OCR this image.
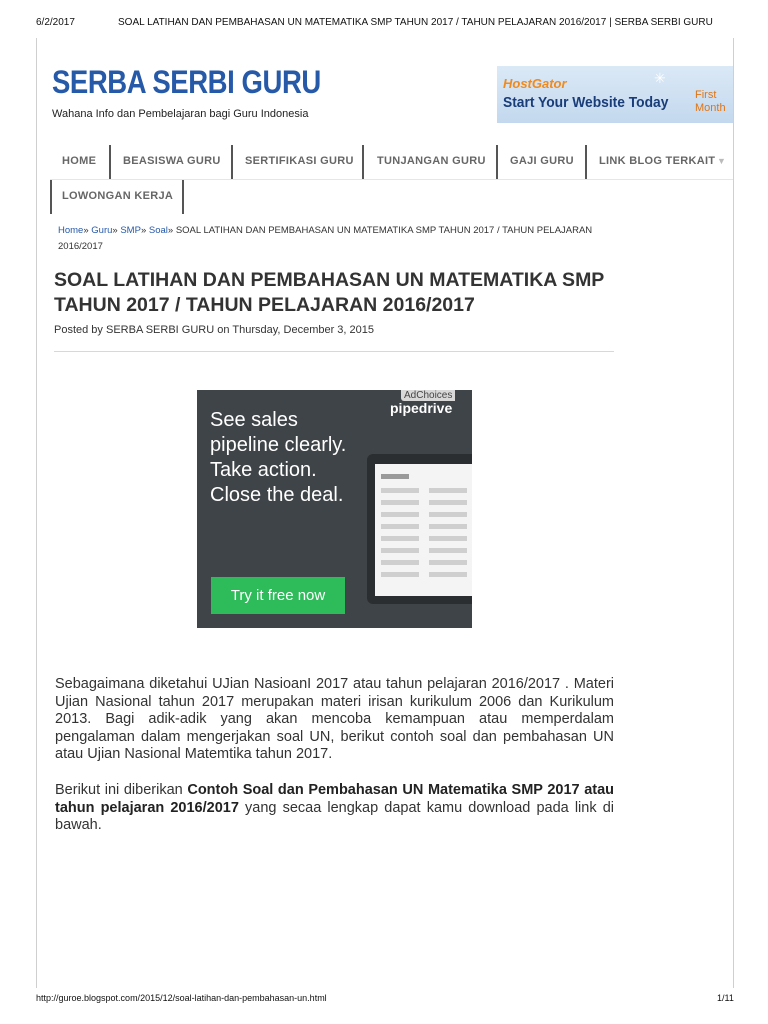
6/2/2017	SOAL LATIHAN DAN PEMBAHASAN UN MATEMATIKA SMP TAHUN 2017 / TAHUN PELAJARAN 2016/2017 | SERBA SERBI GURU
SERBA SERBI GURU
Wahana Info dan Pembelajaran bagi Guru Indonesia
✳
HostGator
Start Your Website Today First
Month
HOME BEASISWA GURU SERTIFIKASI GURU TUNJANGAN GURU GAJI GURU LINK BLOG TERKAIT ▼
LOWONGAN KERJA
Home» Guru» SMP» Soal» SOAL LATIHAN DAN PEMBAHASAN UN MATEMATIKA SMP TAHUN 2017 / TAHUN PELAJARAN 2016/2017
SOAL LATIHAN DAN PEMBAHASAN UN MATEMATIKA SMP TAHUN 2017 / TAHUN PELAJARAN 2016/2017
Posted by SERBA SERBI GURU on Thursday, December 3, 2015
AdChoices
pipedrive
See sales
pipeline clearly.
Take action.
Close the deal.
Try it free now
Sebagaimana diketahui UJian NasioanI 2017 atau tahun pelajaran 2016/2017 . Materi Ujian Nasional tahun 2017 merupakan materi irisan kurikulum 2006 dan Kurikulum 2013. Bagi adik-adik yang akan mencoba kemampuan atau memperdalam pengalaman dalam mengerjakan soal UN, berikut contoh soal dan pembahasan UN atau Ujian Nasional Matemtika tahun 2017.
Berikut ini diberikan Contoh Soal dan Pembahasan UN Matematika SMP 2017 atau tahun pelajaran 2016/2017 yang secaa lengkap dapat kamu download pada link di bawah.
http://guroe.blogspot.com/2015/12/soal-latihan-dan-pembahasan-un.html	1/11
